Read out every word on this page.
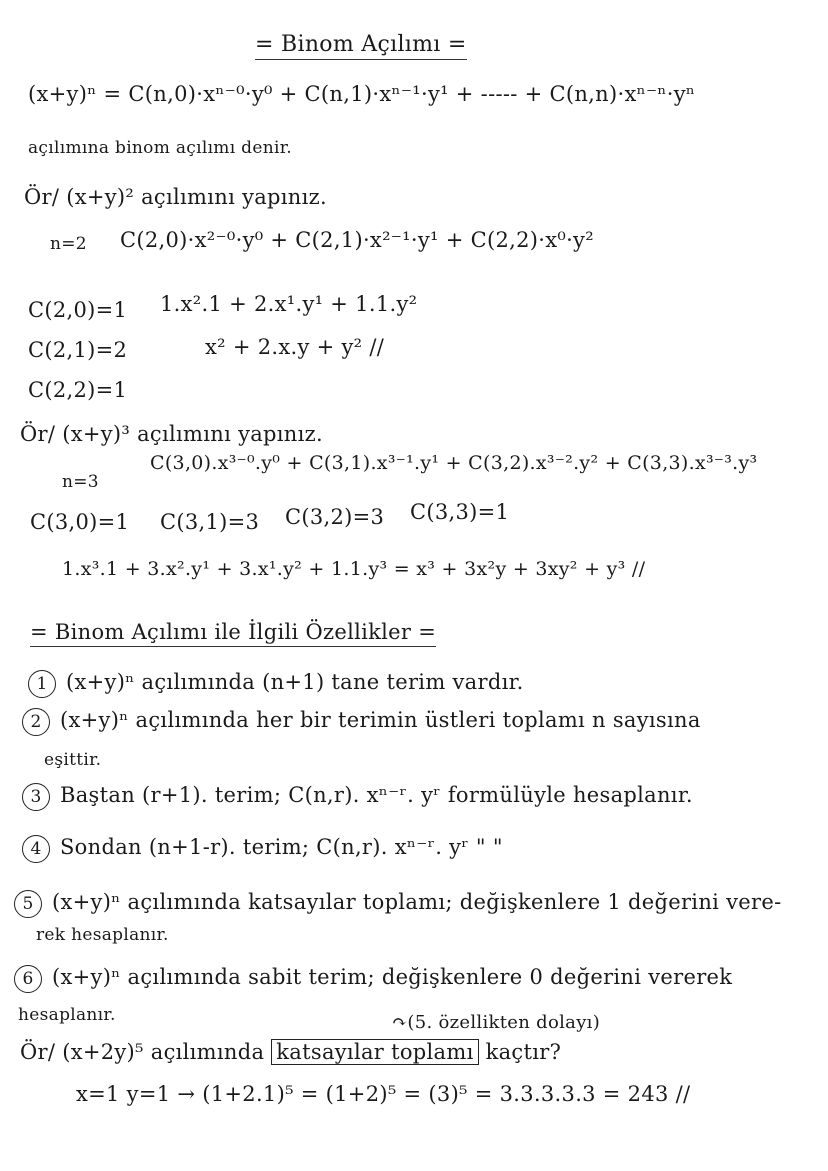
= Binom Açılımı =
(x+y)ⁿ = C(n,0)·xⁿ⁻⁰·y⁰ + C(n,1)·xⁿ⁻¹·y¹ + ----- + C(n,n)·xⁿ⁻ⁿ·yⁿ
açılımına binom açılımı denir.
Ör/ (x+y)² açılımını yapınız.
n=2 C(2,0)·x²⁻⁰·y⁰ + C(2,1)·x²⁻¹·y¹ + C(2,2)·x⁰·y²
C(2,0)=1 1.x².1 + 2.x¹.y¹ + 1.1.y²
C(2,1)=2	x² + 2.x.y + y² //
C(2,2)=1
Ör/ (x+y)³ açılımını yapınız.
n=3
C(3,0).x³⁻⁰.y⁰ + C(3,1).x³⁻¹.y¹ + C(3,2).x³⁻².y² + C(3,3).x³⁻³.y³
C(3,0)=1 C(3,1)=3 C(3,2)=3 C(3,3)=1
1.x³.1 + 3.x².y¹ + 3.x¹.y² + 1.1.y³ = x³ + 3x²y + 3xy² + y³ //
= Binom Açılımı ile İlgili Özellikler =
1 (x+y)ⁿ açılımında (n+1) tane terim vardır.
2 (x+y)ⁿ açılımında her bir terimin üstleri toplamı n sayısına
eşittir.
3 Baştan (r+1). terim; C(n,r). xⁿ⁻ʳ. yʳ formülüyle hesaplanır.
4 Sondan (n+1-r). terim; C(n,r). xⁿ⁻ʳ. yʳ " "
5 (x+y)ⁿ açılımında katsayılar toplamı; değişkenlere 1 değerini vere-
rek hesaplanır.
6 (x+y)ⁿ açılımında sabit terim; değişkenlere 0 değerini vererek
hesaplanır.	↷(5. özellikten dolayı)
Ör/ (x+2y)⁵ açılımında katsayılar toplamı kaçtır?
x=1 y=1 → (1+2.1)⁵ = (1+2)⁵ = (3)⁵ = 3.3.3.3.3 = 243 //
